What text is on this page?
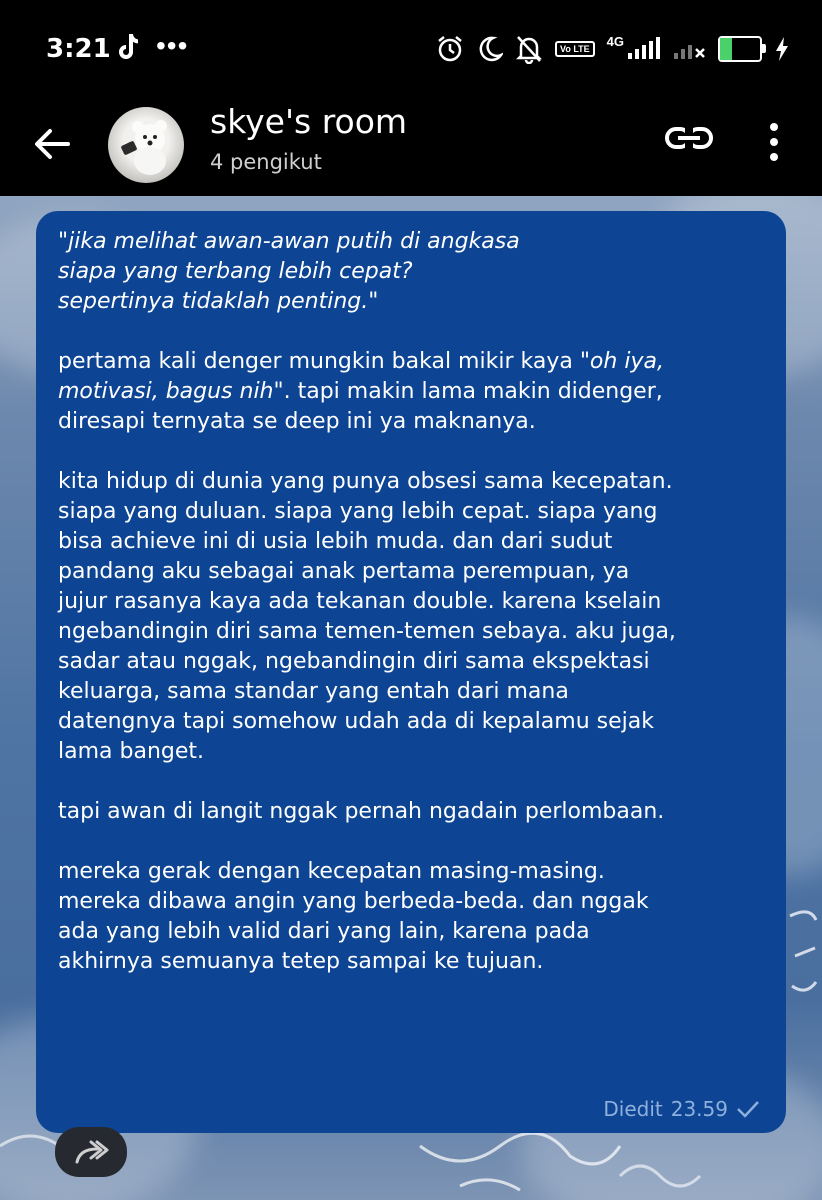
3:21 •••	Vo LTE
4G	31
skye's room
4 pengikut

"jika melihat awan-awan putih di angkasa
siapa yang terbang lebih cepat?
sepertinya tidaklah penting."

pertama kali denger mungkin bakal mikir kaya "oh iya,
motivasi, bagus nih". tapi makin lama makin didenger,
diresapi ternyata se deep ini ya maknanya.

kita hidup di dunia yang punya obsesi sama kecepatan.
siapa yang duluan. siapa yang lebih cepat. siapa yang
bisa achieve ini di usia lebih muda. dan dari sudut
pandang aku sebagai anak pertama perempuan, ya
jujur rasanya kaya ada tekanan double. karena kselain
ngebandingin diri sama temen-temen sebaya. aku juga,
sadar atau nggak, ngebandingin diri sama ekspektasi
keluarga, sama standar yang entah dari mana
datengnya tapi somehow udah ada di kepalamu sejak
lama banget.

tapi awan di langit nggak pernah ngadain perlombaan.

mereka gerak dengan kecepatan masing-masing.
mereka dibawa angin yang berbeda-beda. dan nggak
ada yang lebih valid dari yang lain, karena pada
akhirnya semuanya tetep sampai ke tujuan.

Diedit 23.59
